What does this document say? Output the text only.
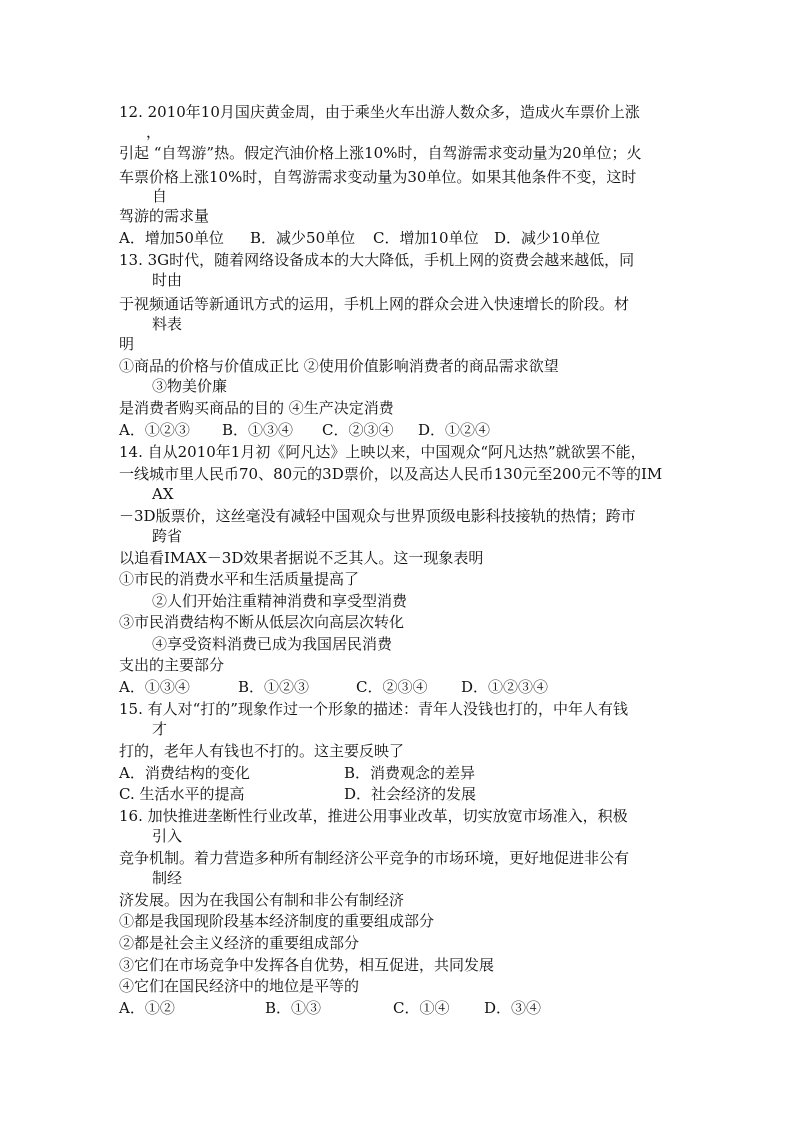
12. 2010年10月国庆黄金周，由于乘坐火车出游人数众多，造成火车票价上涨
，
引起 “自驾游”热。假定汽油价格上涨10%时，自驾游需求变动量为20单位；火
车票价格上涨10%时，自驾游需求变动量为30单位。如果其他条件不变，这时
自
驾游的需求量
A．增加50单位 B．减少50单位 C．增加10单位 D．减少10单位
13. 3G时代，随着网络设备成本的大大降低，手机上网的资费会越来越低，同
时由
于视频通话等新通讯方式的运用，手机上网的群众会进入快速增长的阶段。材
料表
明
①商品的价格与价值成正比 ②使用价值影响消费者的商品需求欲望
③物美价廉
是消费者购买商品的目的 ④生产决定消费
A．①②③ B．①③④ C．②③④ D．①②④
14. 自从2010年1月初《阿凡达》上映以来，中国观众“阿凡达热”就欲罢不能，
一线城市里人民币70、80元的3D票价，以及高达人民币130元至200元不等的IM
AX
－3D版票价，这丝毫没有减轻中国观众与世界顶级电影科技接轨的热情；跨市
跨省
以追看IMAX－3D效果者据说不乏其人。这一现象表明
①市民的消费水平和生活质量提高了
②人们开始注重精神消费和享受型消费
③市民消费结构不断从低层次向高层次转化
④享受资料消费已成为我国居民消费
支出的主要部分
A．①③④	B．①②③	C．②③④ D．①②③④
15. 有人对“打的”现象作过一个形象的描述：青年人没钱也打的，中年人有钱
才
打的，老年人有钱也不打的。这主要反映了
A．消费结构的变化	B．消费观念的差异
C. 生活水平的提高	D．社会经济的发展
16. 加快推进垄断性行业改革，推进公用事业改革，切实放宽市场准入，积极
引入
竞争机制。着力营造多种所有制经济公平竞争的市场环境，更好地促进非公有
制经
济发展。因为在我国公有制和非公有制经济
①都是我国现阶段基本经济制度的重要组成部分
②都是社会主义经济的重要组成部分
③它们在市场竞争中发挥各自优势，相互促进，共同发展
④它们在国民经济中的地位是平等的
A．①②	B．①③	C．①④ D．③④
